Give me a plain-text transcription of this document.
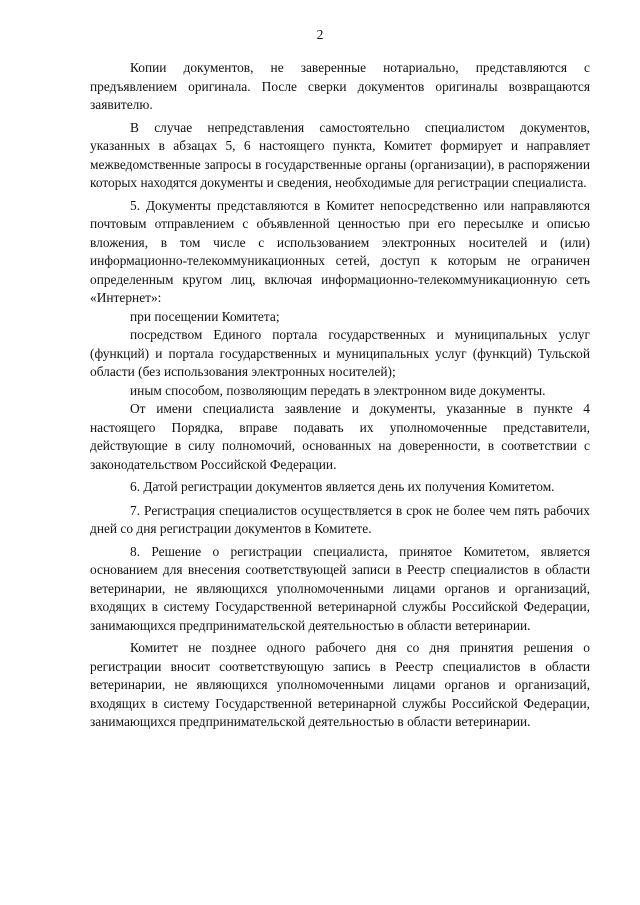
2

Копии документов, не заверенные нотариально, представляются с предъявлением оригинала. После сверки документов оригиналы возвращаются заявителю.

В случае непредставления самостоятельно специалистом документов, указанных в абзацах 5, 6 настоящего пункта, Комитет формирует и направляет межведомственные запросы в государственные органы (организации), в распоряжении которых находятся документы и сведения, необходимые для регистрации специалиста.

5. Документы представляются в Комитет непосредственно или направляются почтовым отправлением с объявленной ценностью при его пересылке и описью вложения, в том числе с использованием электронных носителей и (или) информационно-телекоммуникационных сетей, доступ к которым не ограничен определенным кругом лиц, включая информационно-телекоммуникационную сеть «Интернет»:

при посещении Комитета;

посредством Единого портала государственных и муниципальных услуг (функций) и портала государственных и муниципальных услуг (функций) Тульской области (без использования электронных носителей);

иным способом, позволяющим передать в электронном виде документы.

От имени специалиста заявление и документы, указанные в пункте 4 настоящего Порядка, вправе подавать их уполномоченные представители, действующие в силу полномочий, основанных на доверенности, в соответствии с законодательством Российской Федерации.

6. Датой регистрации документов является день их получения Комитетом.

7. Регистрация специалистов осуществляется в срок не более чем пять рабочих дней со дня регистрации документов в Комитете.

8. Решение о регистрации специалиста, принятое Комитетом, является основанием для внесения соответствующей записи в Реестр специалистов в области ветеринарии, не являющихся уполномоченными лицами органов и организаций, входящих в систему Государственной ветеринарной службы Российской Федерации, занимающихся предпринимательской деятельностью в области ветеринарии.

Комитет не позднее одного рабочего дня со дня принятия решения о регистрации вносит соответствующую запись в Реестр специалистов в области ветеринарии, не являющихся уполномоченными лицами органов и организаций, входящих в систему Государственной ветеринарной службы Российской Федерации, занимающихся предпринимательской деятельностью в области ветеринарии.
